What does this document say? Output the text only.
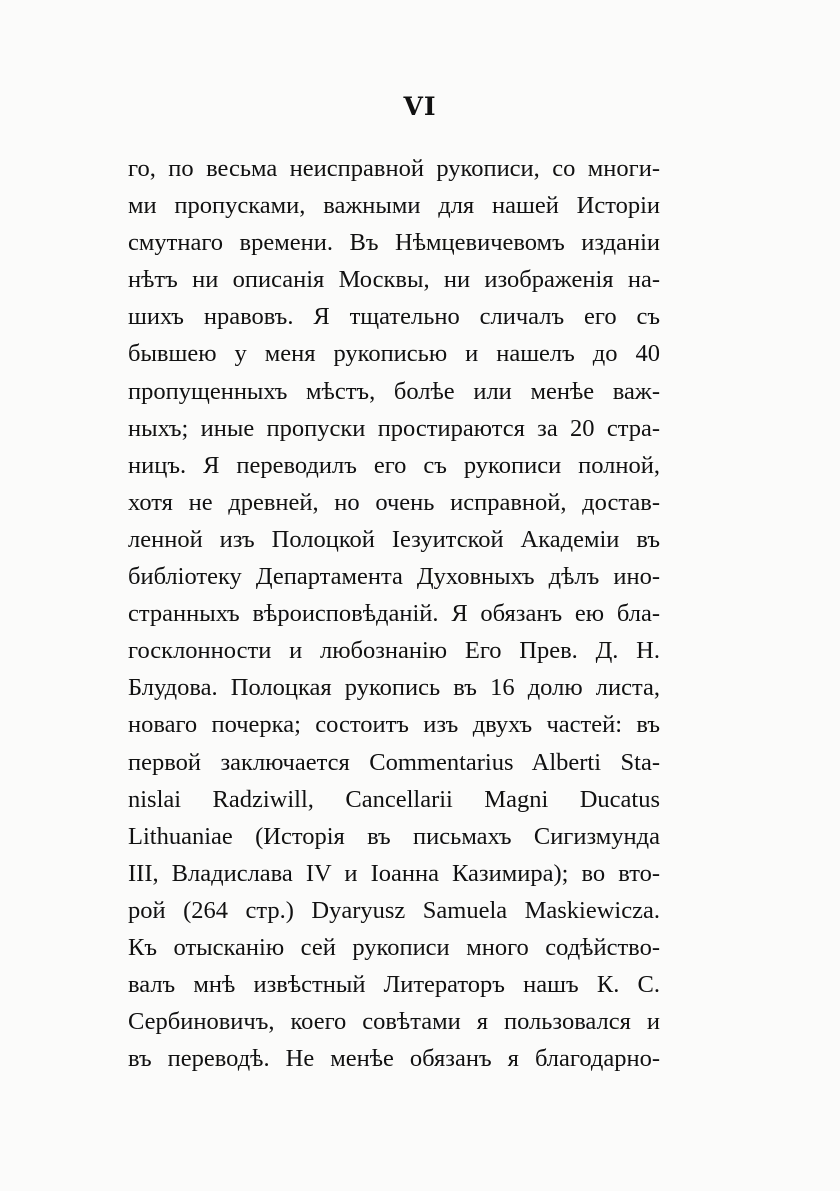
VI
го, по весьма неисправной рукописи, со многи-
ми пропусками, важными для нашей Исторіи
смутнаго времени. Въ Нѣмцевичевомъ изданіи
нѣтъ ни описанія Москвы, ни изображенія на-
шихъ нравовъ. Я тщательно сличалъ его съ
бывшею у меня рукописью и нашелъ до 40
пропущенныхъ мѣстъ, болѣе или менѣе важ-
ныхъ; иные пропуски простираются за 20 стра-
ницъ. Я переводилъ его съ рукописи полной,
хотя не древней, но очень исправной, достав-
ленной изъ Полоцкой Іезуитской Академіи въ
библіотеку Департамента Духовныхъ дѣлъ ино-
странныхъ вѣроисповѣданій. Я обязанъ ею бла-
госклонности и любознанію Его Прев. Д. Н.
Блудова. Полоцкая рукопись въ 16 долю листа,
новаго почерка; состоитъ изъ двухъ частей: въ
первой заключается Commentarius Alberti Sta-
nislai Radziwill, Cancellarii Magni Ducatus
Lithuaniae (Исторія въ письмахъ Сигизмунда
III, Владислава IV и Іоанна Казимира); во вто-
рой (264 стр.) Dyaryusz Samuela Maskiewicza.
Къ отысканію сей рукописи много содѣйство-
валъ мнѣ извѣстный Литераторъ нашъ К. С.
Сербиновичъ, коего совѣтами я пользовался и
въ переводѣ. Не менѣе обязанъ я благодарно-
